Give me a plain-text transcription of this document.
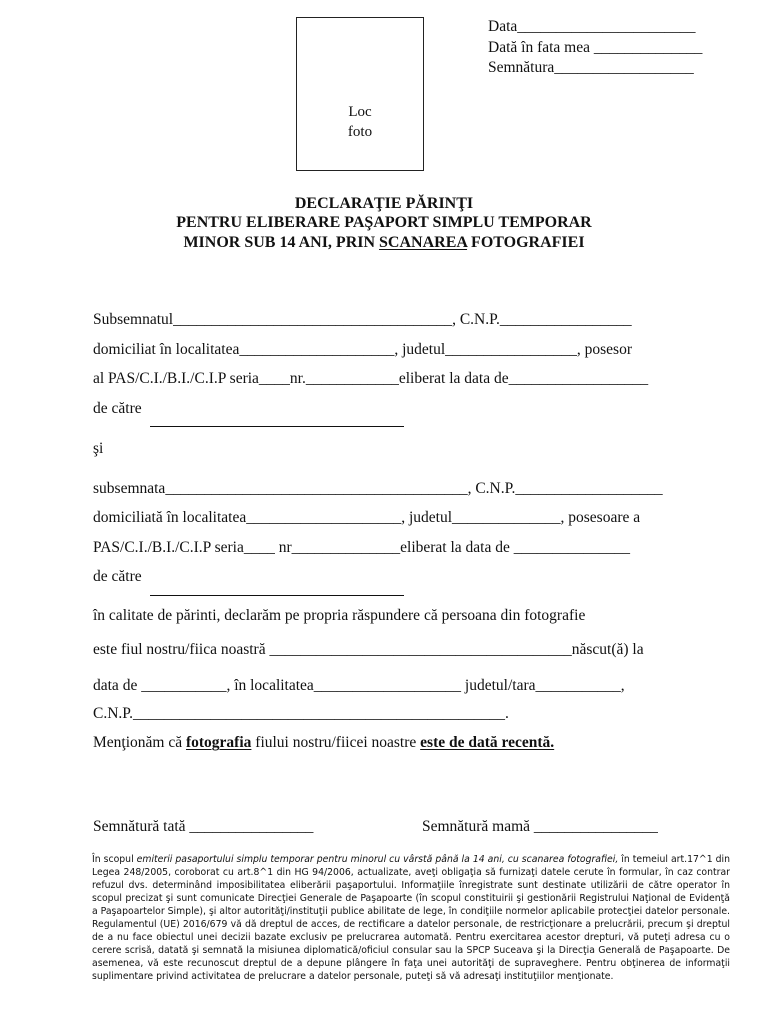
Loc
foto
Data_______________________
Dată în fata mea ______________
Semnătura__________________
DECLARAŢIE PĂRINŢI
PENTRU ELIBERARE PAŞAPORT SIMPLU TEMPORAR
MINOR SUB 14 ANI, PRIN SCANAREA FOTOGRAFIEI
Subsemnatul____________________________________, C.N.P._________________
domiciliat în localitatea____________________, judetul_________________, posesor
al PAS/C.I./B.I./C.I.P seria____nr.____________eliberat la data de__________________
de către
şi
subsemnata_______________________________________, C.N.P.___________________
domiciliată în localitatea____________________, judetul______________, posesoare a
PAS/C.I./B.I./C.I.P seria____ nr______________eliberat la data de _______________
de către
în calitate de părinti, declarăm pe propria răspundere că persoana din fotografie
este fiul nostru/fiica noastră _______________________________________născut(ă) la
data de ___________, în localitatea___________________ judetul/tara___________,
C.N.P.________________________________________________.
Menţionăm că fotografia fiului nostru/fiicei noastre este de dată recentă.
Semnătură tată ________________	Semnătură mamă ________________
În scopul emiterii pasaportului simplu temporar pentru minorul cu vârstă până la 14 ani, cu scanarea fotografiei, în temeiul art.17^1 din Legea 248/2005, coroborat cu art.8^1 din HG 94/2006, actualizate, aveţi obligaţia să furnizaţi datele cerute în formular, în caz contrar refuzul dvs. determinând imposibilitatea eliberării paşaportului. Informaţiile înregistrate sunt destinate utilizării de către operator în scopul precizat şi sunt comunicate Direcţiei Generale de Paşapoarte (în scopul constituirii şi gestionării Registrului Naţional de Evidenţă a Paşapoartelor Simple), şi altor autorităţi/instituţii publice abilitate de lege, în condiţiile normelor aplicabile protecţiei datelor personale. Regulamentul (UE) 2016/679 vă dă dreptul de acces, de rectificare a datelor personale, de restricţionare a prelucrării, precum şi dreptul de a nu face obiectul unei decizii bazate exclusiv pe prelucrarea automată. Pentru exercitarea acestor drepturi, vă puteţi adresa cu o cerere scrisă, datată şi semnată la misiunea diplomatică/oficiul consular sau la SPCP Suceava şi la Direcţia Generală de Paşapoarte. De asemenea, vă este recunoscut dreptul de a depune plângere în faţa unei autorităţi de supraveghere. Pentru obţinerea de informaţii suplimentare privind activitatea de prelucrare a datelor personale, puteţi să vă adresaţi instituţiilor menţionate.
